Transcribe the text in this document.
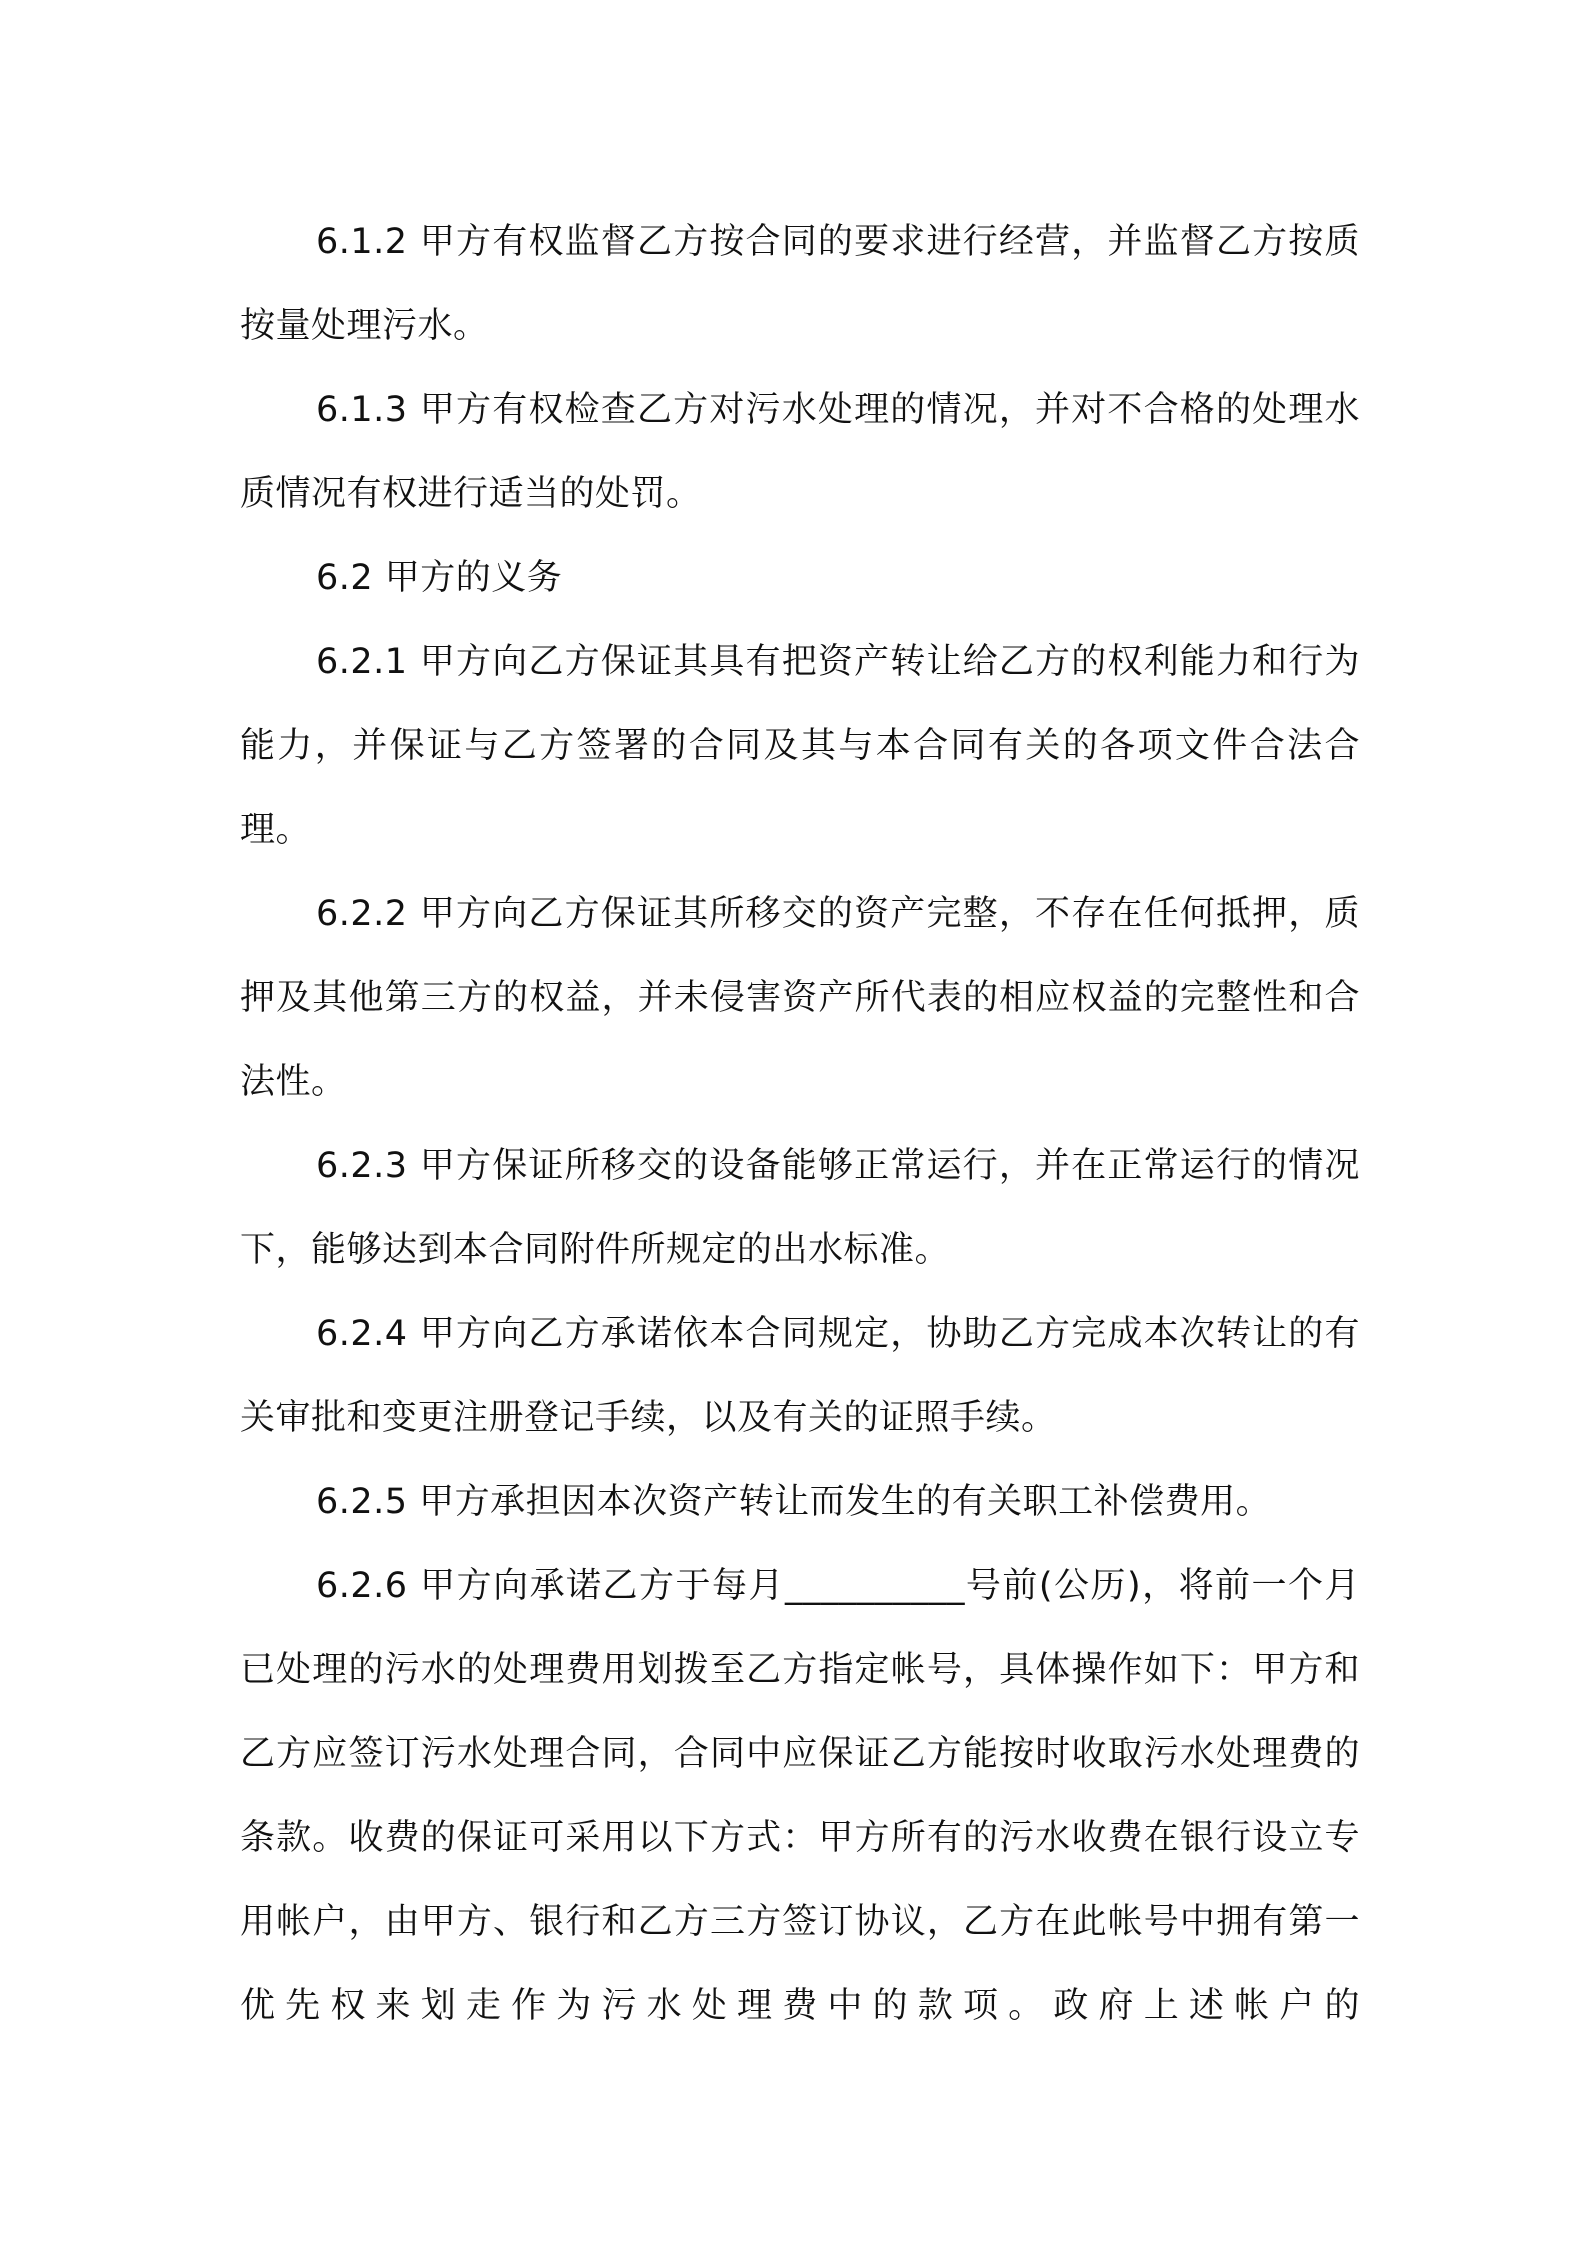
6.1.2 甲方有权监督乙方按合同的要求进行经营，并监督乙方按质按量处理污水。

6.1.3 甲方有权检查乙方对污水处理的情况，并对不合格的处理水质情况有权进行适当的处罚。

6.2 甲方的义务

6.2.1 甲方向乙方保证其具有把资产转让给乙方的权利能力和行为能力，并保证与乙方签署的合同及其与本合同有关的各项文件合法合理。

6.2.2 甲方向乙方保证其所移交的资产完整，不存在任何抵押，质押及其他第三方的权益，并未侵害资产所代表的相应权益的完整性和合法性。

6.2.3 甲方保证所移交的设备能够正常运行，并在正常运行的情况下，能够达到本合同附件所规定的出水标准。

6.2.4 甲方向乙方承诺依本合同规定，协助乙方完成本次转让的有关审批和变更注册登记手续，以及有关的证照手续。

6.2.5 甲方承担因本次资产转让而发生的有关职工补偿费用。

6.2.6 甲方向承诺乙方于每月__________号前(公历)，将前一个月已处理的污水的处理费用划拨至乙方指定帐号，具体操作如下：甲方和乙方应签订污水处理合同，合同中应保证乙方能按时收取污水处理费的条款。收费的保证可采用以下方式：甲方所有的污水收费在银行设立专用帐户，由甲方、银行和乙方三方签订协议，乙方在此帐号中拥有第一优先权来划走作为污水处理费中的款项。政府上述帐户的
